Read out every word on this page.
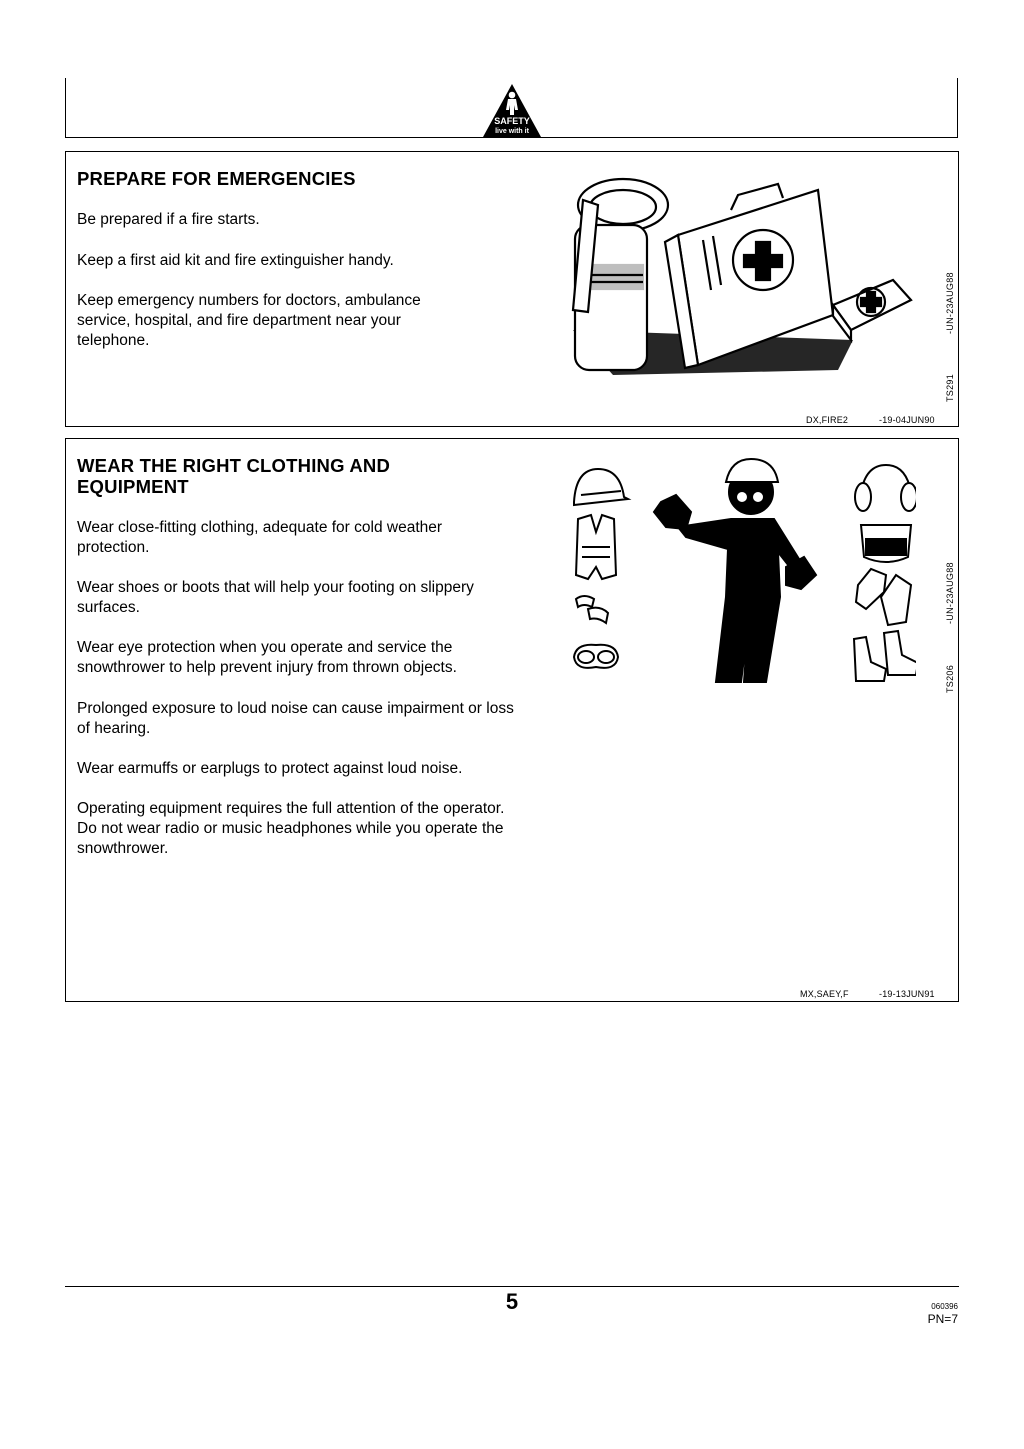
SAFETY
live with it
PREPARE FOR EMERGENCIES

Be prepared if a fire starts.

Keep a first aid kit and fire extinguisher handy.

Keep emergency numbers for doctors, ambulance service, hospital, and fire department near your telephone.

-UN-23AUG88
TS291
DX,FIRE2	-19-04JUN90
WEAR THE RIGHT CLOTHING AND EQUIPMENT

Wear close-fitting clothing, adequate for cold weather protection.

Wear shoes or boots that will help your footing on slippery surfaces.

Wear eye protection when you operate and service the snowthrower to help prevent injury from thrown objects.

Prolonged exposure to loud noise can cause impairment or loss of hearing.

Wear earmuffs or earplugs to protect against loud noise.

Operating equipment requires the full attention of the operator. Do not wear radio or music headphones while you operate the snowthrower.

-UN-23AUG88
TS206
MX,SAEY,F	-19-13JUN91
5	060396
PN=7
